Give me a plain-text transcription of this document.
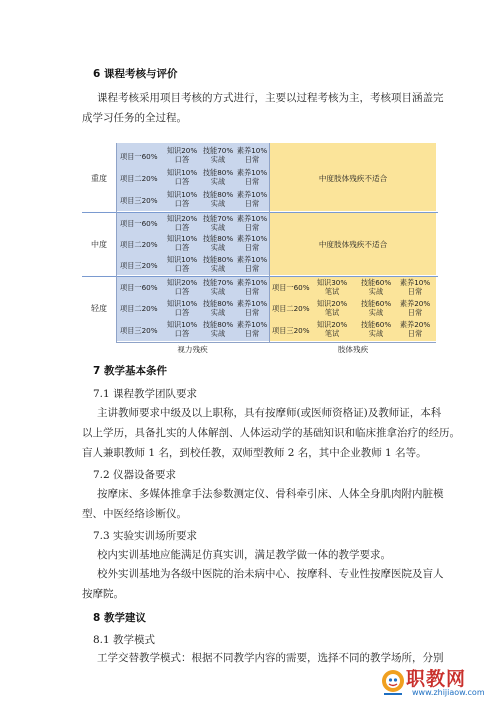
6 课程考核与评价
课程考核采用项目考核的方式进行，主要以过程考核为主，考核项目涵盖完
成学习任务的全过程。
重度
中度
轻度
项目一60%
知识20%
口答
技能70%
实战
素养10%
日常
项目二20%
知识10%
口答
技能80%
实战
素养10%
日常
项目三20%
知识10%
口答
技能80%
实战
素养10%
日常
中度肢体残疾不适合
项目一60%
知识20%
口答
技能70%
实战
素养10%
日常
项目二20%
知识10%
口答
技能80%
实战
素养10%
日常
项目三20%
知识10%
口答
技能80%
实战
素养10%
日常
中度肢体残疾不适合
项目一60%
知识20%
口答
技能70%
实战
素养10%
日常
项目二20%
知识10%
口答
技能80%
实战
素养10%
日常
项目三20%
知识10%
口答
技能80%
实战
素养10%
日常
项目一60%
知识30%
笔试
技能60%
实战
素养10%
日常
项目二20%
知识20%
笔试
技能60%
实战
素养20%
日常
项目三20%
知识20%
笔试
技能60%
实战
素养20%
日常
视力残疾	肢体残疾
7 教学基本条件
7.1 课程教学团队要求
主讲教师要求中级及以上职称，具有按摩师(或医师资格证)及教师证，本科
以上学历，具备扎实的人体解剖、人体运动学的基础知识和临床推拿治疗的经历。
盲人兼职教师 1 名，到校任教，双师型教师 2 名，其中企业教师 1 名等。
7.2 仪器设备要求
按摩床、多媒体推拿手法参数测定仪、骨科牵引床、人体全身肌肉附内脏模
型、中医经络诊断仪。
7.3 实验实训场所要求
校内实训基地应能满足仿真实训，满足教学做一体的教学要求。
校外实训基地为各级中医院的治未病中心、按摩科、专业性按摩医院及盲人
按摩院。
8 教学建议
8.1 教学模式
工学交替教学模式：根据不同教学内容的需要，选择不同的教学场所，分别
职教网
www.zhijiaow.com
